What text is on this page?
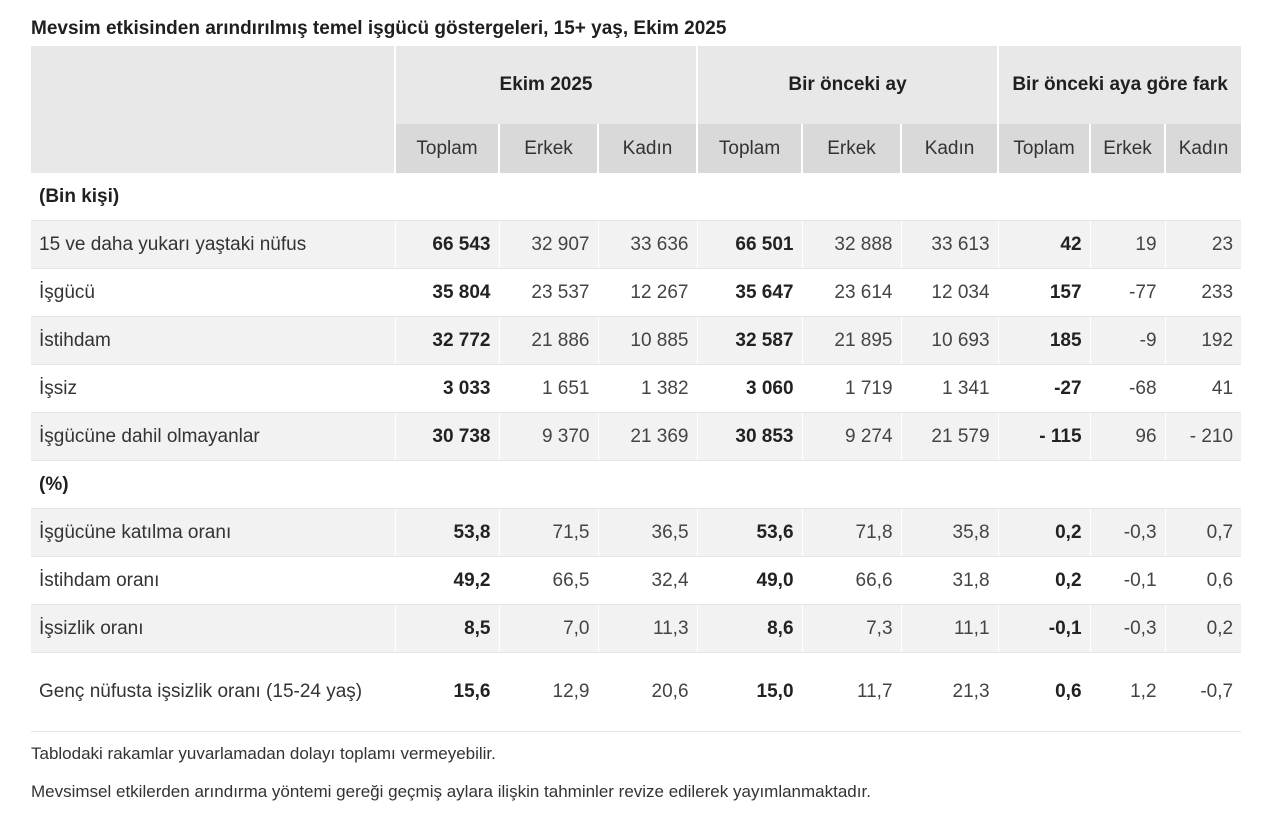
Mevsim etkisinden arındırılmış temel işgücü göstergeleri, 15+ yaş, Ekim 2025
	Ekim 2025			Bir önceki ay			Bir önceki aya göre fark		
	Toplam	Erkek	Kadın	Toplam	Erkek	Kadın	Toplam	Erkek	Kadın
(Bin kişi)									
15 ve daha yukarı yaştaki nüfus	66 543	32 907	33 636	66 501	32 888	33 613	42	19	23
İşgücü	35 804	23 537	12 267	35 647	23 614	12 034	157	-77	233
İstihdam	32 772	21 886	10 885	32 587	21 895	10 693	185	-9	192
İşsiz	3 033	1 651	1 382	3 060	1 719	1 341	-27	-68	41
İşgücüne dahil olmayanlar	30 738	9 370	21 369	30 853	9 274	21 579	- 115	96	- 210
(%)									
İşgücüne katılma oranı	53,8	71,5	36,5	53,6	71,8	35,8	0,2	-0,3	0,7
İstihdam oranı	49,2	66,5	32,4	49,0	66,6	31,8	0,2	-0,1	0,6
İşsizlik oranı	8,5	7,0	11,3	8,6	7,3	11,1	-0,1	-0,3	0,2
Genç nüfusta işsizlik oranı (15-24 yaş)	15,6	12,9	20,6	15,0	11,7	21,3	0,6	1,2	-0,7
Tablodaki rakamlar yuvarlamadan dolayı toplamı vermeyebilir.
Mevsimsel etkilerden arındırma yöntemi gereği geçmiş aylara ilişkin tahminler revize edilerek yayımlanmaktadır.
